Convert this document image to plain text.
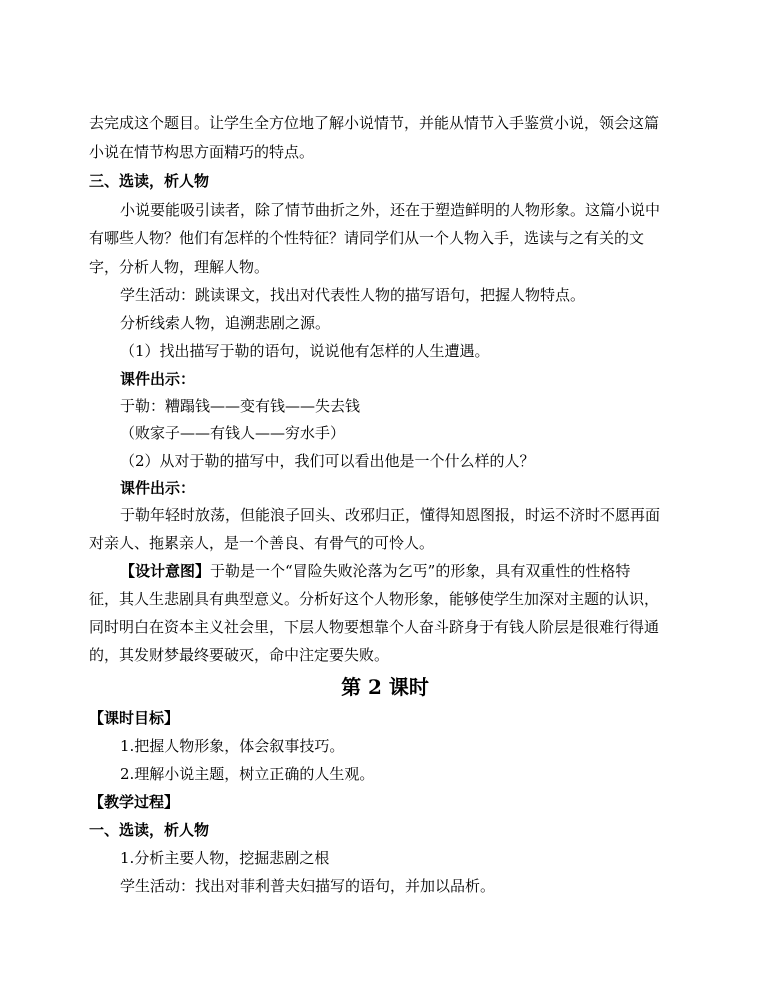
去完成这个题目。让学生全方位地了解小说情节，并能从情节入手鉴赏小说，领会这篇
小说在情节构思方面精巧的特点。
三、选读，析人物
小说要能吸引读者，除了情节曲折之外，还在于塑造鲜明的人物形象。这篇小说中
有哪些人物？他们有怎样的个性特征？请同学们从一个人物入手，选读与之有关的文
字，分析人物，理解人物。
学生活动：跳读课文，找出对代表性人物的描写语句，把握人物特点。
分析线索人物，追溯悲剧之源。
（1）找出描写于勒的语句，说说他有怎样的人生遭遇。
课件出示：
于勒：糟蹋钱——变有钱——失去钱
（败家子——有钱人——穷水手）
（2）从对于勒的描写中，我们可以看出他是一个什么样的人？
课件出示：
于勒年轻时放荡，但能浪子回头、改邪归正，懂得知恩图报，时运不济时不愿再面
对亲人、拖累亲人，是一个善良、有骨气的可怜人。
【设计意图】于勒是一个“冒险失败沦落为乞丐”的形象，具有双重性的性格特
征，其人生悲剧具有典型意义。分析好这个人物形象，能够使学生加深对主题的认识，
同时明白在资本主义社会里，下层人物要想靠个人奋斗跻身于有钱人阶层是很难行得通
的，其发财梦最终要破灭，命中注定要失败。
第 2 课时
【课时目标】
1.把握人物形象，体会叙事技巧。
2.理解小说主题，树立正确的人生观。
【教学过程】
一、选读，析人物
1.分析主要人物，挖掘悲剧之根
学生活动：找出对菲利普夫妇描写的语句，并加以品析。
